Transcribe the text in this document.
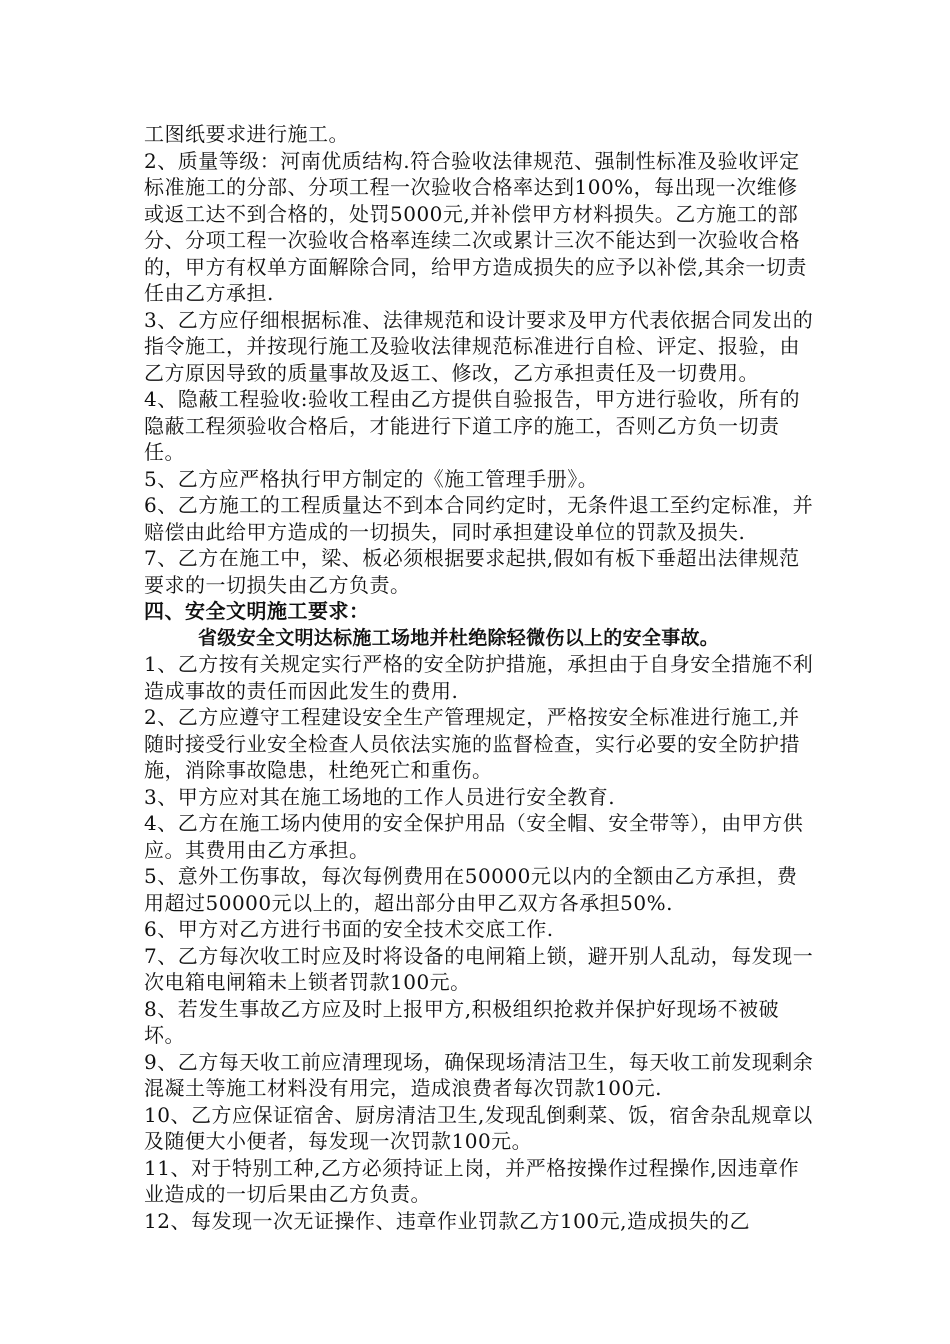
工图纸要求进行施工。

2、质量等级：河南优质结构.符合验收法律规范、强制性标准及验收评定标准施工的分部、分项工程一次验收合格率达到100%，每出现一次维修或返工达不到合格的，处罚5000元,并补偿甲方材料损失。乙方施工的部分、分项工程一次验收合格率连续二次或累计三次不能达到一次验收合格的，甲方有权单方面解除合同，给甲方造成损失的应予以补偿,其余一切责任由乙方承担.

3、乙方应仔细根据标准、法律规范和设计要求及甲方代表依据合同发出的指令施工，并按现行施工及验收法律规范标准进行自检、评定、报验，由乙方原因导致的质量事故及返工、修改，乙方承担责任及一切费用。

4、隐蔽工程验收:验收工程由乙方提供自验报告，甲方进行验收，所有的隐蔽工程须验收合格后，才能进行下道工序的施工，否则乙方负一切责任。

5、乙方应严格执行甲方制定的《施工管理手册》。

6、乙方施工的工程质量达不到本合同约定时，无条件退工至约定标准，并赔偿由此给甲方造成的一切损失，同时承担建设单位的罚款及损失.

7、乙方在施工中，梁、板必须根据要求起拱,假如有板下垂超出法律规范要求的一切损失由乙方负责。

四、安全文明施工要求：

省级安全文明达标施工场地并杜绝除轻微伤以上的安全事故。

1、乙方按有关规定实行严格的安全防护措施，承担由于自身安全措施不利造成事故的责任而因此发生的费用.

2、乙方应遵守工程建设安全生产管理规定，严格按安全标准进行施工,并随时接受行业安全检查人员依法实施的监督检查，实行必要的安全防护措施，消除事故隐患，杜绝死亡和重伤。

3、甲方应对其在施工场地的工作人员进行安全教育.

4、乙方在施工场内使用的安全保护用品（安全帽、安全带等），由甲方供应。其费用由乙方承担。

5、意外工伤事故，每次每例费用在50000元以内的全额由乙方承担，费用超过50000元以上的，超出部分由甲乙双方各承担50%.

6、甲方对乙方进行书面的安全技术交底工作.

7、乙方每次收工时应及时将设备的电闸箱上锁，避开别人乱动，每发现一次电箱电闸箱未上锁者罚款100元。

8、若发生事故乙方应及时上报甲方,积极组织抢救并保护好现场不被破坏。

9、乙方每天收工前应清理现场，确保现场清洁卫生，每天收工前发现剩余混凝土等施工材料没有用完，造成浪费者每次罚款100元.

10、乙方应保证宿舍、厨房清洁卫生,发现乱倒剩菜、饭，宿舍杂乱规章以及随便大小便者，每发现一次罚款100元。

11、对于特别工种,乙方必须持证上岗，并严格按操作过程操作,因违章作业造成的一切后果由乙方负责。

12、每发现一次无证操作、违章作业罚款乙方100元,造成损失的乙
